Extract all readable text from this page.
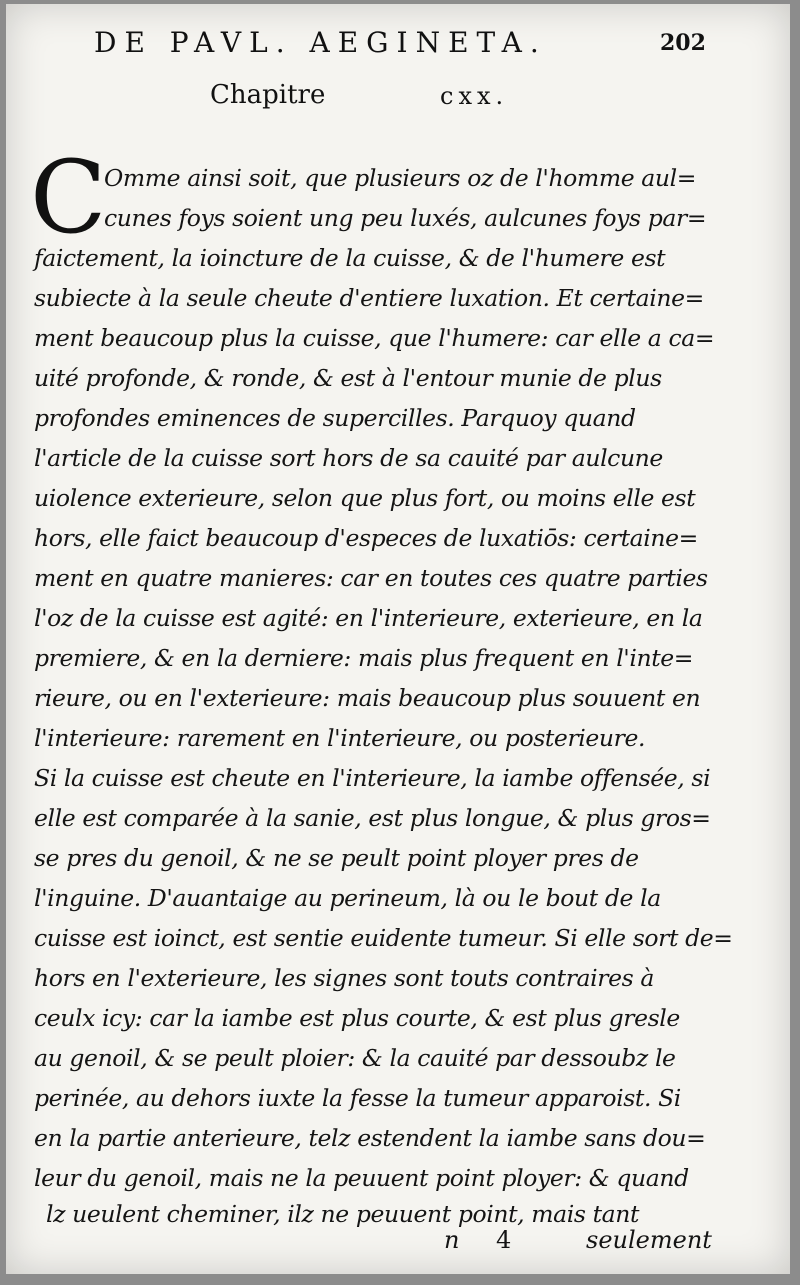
DE PAVL. AEGINETA.	202
Chapitre	cxx.
C
Omme ainsi soit, que plusieurs oz de l'homme aul=
cunes foys soient ung peu luxés, aulcunes foys par=
faictement, la ioincture de la cuisse, & de l'humere est
subiecte à la seule cheute d'entiere luxation. Et certaine=
ment beaucoup plus la cuisse, que l'humere: car elle a ca=
uité profonde, & ronde, & est à l'entour munie de plus
profondes eminences de supercilles. Parquoy quand
l'article de la cuisse sort hors de sa cauité par aulcune
uiolence exterieure, selon que plus fort, ou moins elle est
hors, elle faict beaucoup d'especes de luxatiōs: certaine=
ment en quatre manieres: car en toutes ces quatre parties
l'oz de la cuisse est agité: en l'interieure, exterieure, en la
premiere, & en la derniere: mais plus frequent en l'inte=
rieure, ou en l'exterieure: mais beaucoup plus souuent en
l'interieure: rarement en l'interieure, ou posterieure.
Si la cuisse est cheute en l'interieure, la iambe offensée, si
elle est comparée à la sanie, est plus longue, & plus gros=
se pres du genoil, & ne se peult point ployer pres de
l'inguine. D'auantaige au perineum, là ou le bout de la
cuisse est ioinct, est sentie euidente tumeur. Si elle sort de=
hors en l'exterieure, les signes sont touts contraires à
ceulx icy: car la iambe est plus courte, & est plus gresle
au genoil, & se peult ploier: & la cauité par dessoubz le
perinée, au dehors iuxte la fesse la tumeur apparoist. Si
en la partie anterieure, telz estendent la iambe sans dou=
leur du genoil, mais ne la peuuent point ployer: & quand
lz ueulent cheminer, ilz ne peuuent point, mais tant
n 4	seulement
